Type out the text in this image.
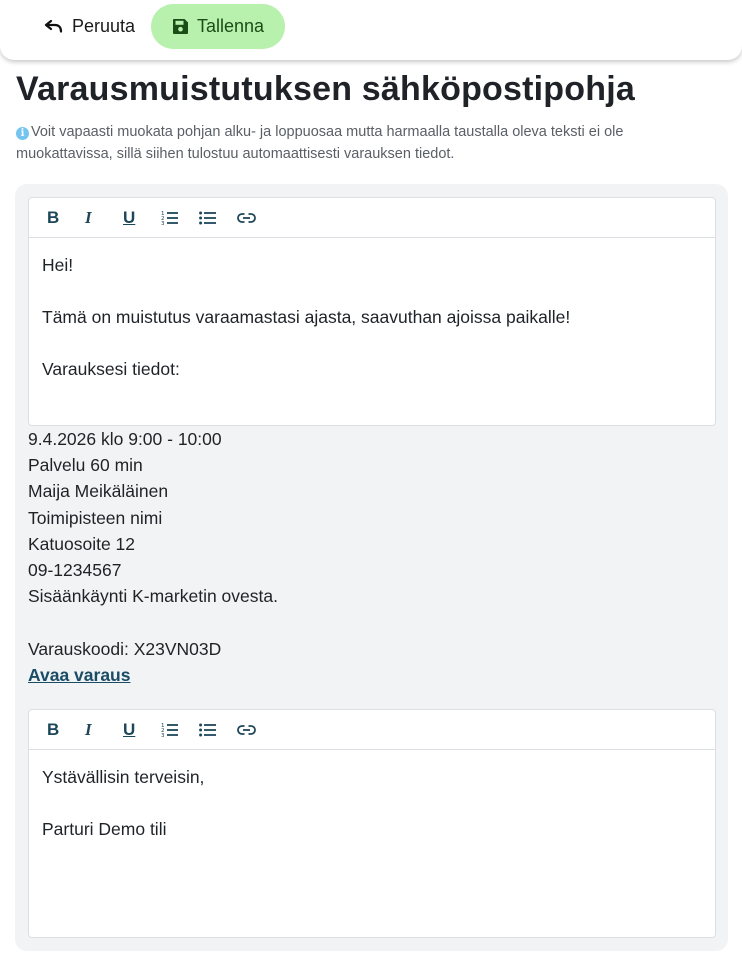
Peruuta	Tallenna
Varausmuistutuksen sähköpostipohja
i Voit vapaasti muokata pohjan alku- ja loppuosaa mutta harmaalla taustalla oleva teksti ei ole muokattavissa, sillä siihen tulostuu automaattisesti varauksen tiedot.
B	I	U	1
2
3

Hei!

Tämä on muistutus varaamastasi ajasta, saavuthan ajoissa paikalle!

Varauksesi tiedot:

9.4.2026 klo 9:00 - 10:00
Palvelu 60 min
Maija Meikäläinen
Toimipisteen nimi
Katuosoite 12
09-1234567
Sisäänkäynti K-marketin ovesta.
Varauskoodi: X23VN03D
Avaa varaus
B	I	U	1
2
3

Ystävällisin terveisin,

Parturi Demo tili
